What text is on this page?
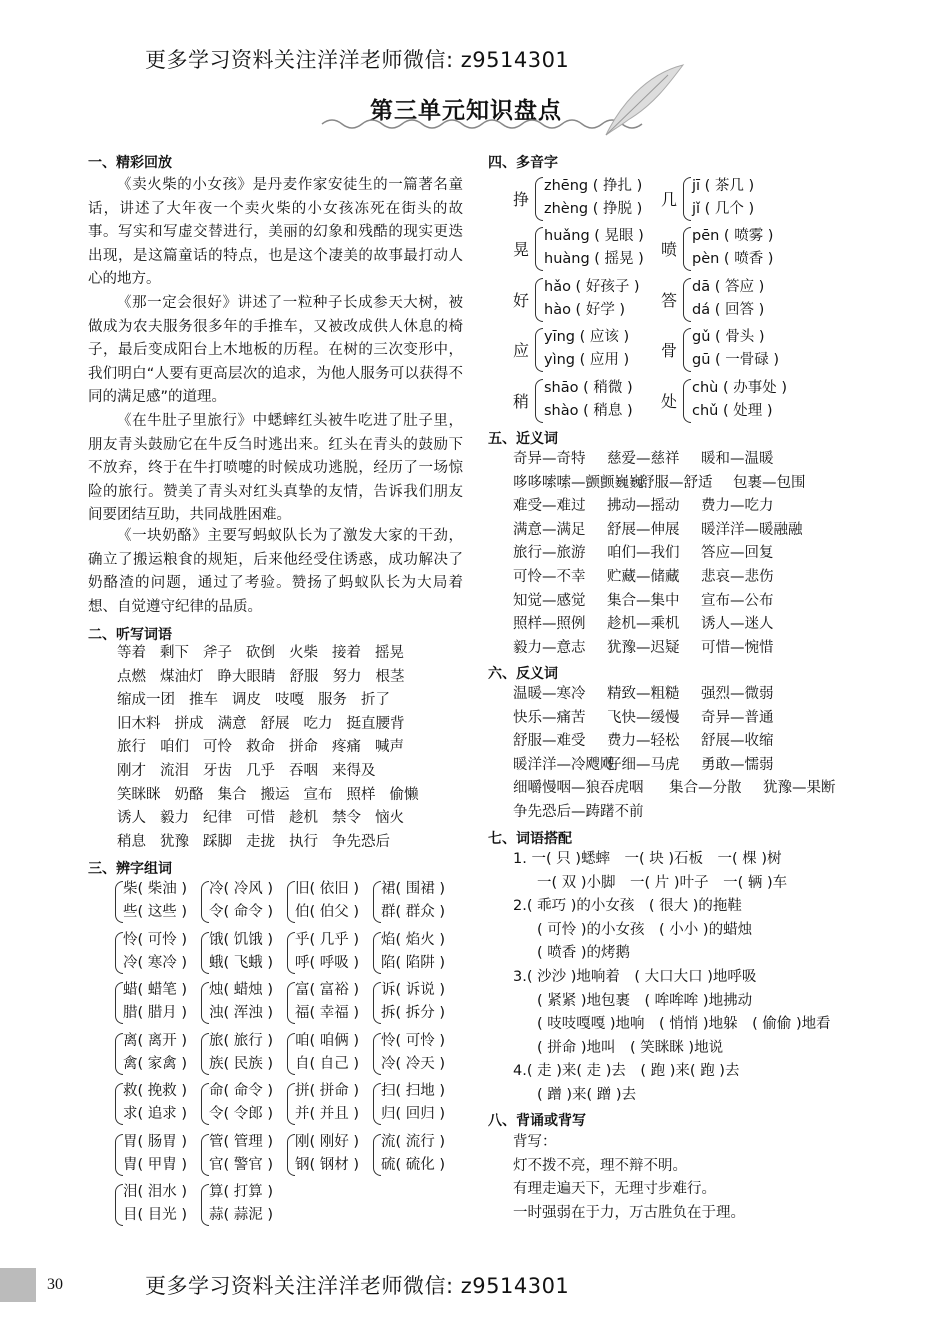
更多学习资料关注洋洋老师微信: z9514301
第三单元知识盘点
一、精彩回放
《卖火柴的小女孩》是丹麦作家安徒生的一篇著名童话，讲述了大年夜一个卖火柴的小女孩冻死在街头的故事。写实和写虚交替进行，美丽的幻象和残酷的现实更迭出现，是这篇童话的特点，也是这个凄美的故事最打动人心的地方。
《那一定会很好》讲述了一粒种子长成参天大树，被做成为农夫服务很多年的手推车，又被改成供人休息的椅子，最后变成阳台上木地板的历程。在树的三次变形中，我们明白“人要有更高层次的追求，为他人服务可以获得不同的满足感”的道理。
《在牛肚子里旅行》中蟋蟀红头被牛吃进了肚子里，朋友青头鼓励它在牛反刍时逃出来。红头在青头的鼓励下不放弃，终于在牛打喷嚏的时候成功逃脱，经历了一场惊险的旅行。赞美了青头对红头真挚的友情，告诉我们朋友间要团结互助，共同战胜困难。
《一块奶酪》主要写蚂蚁队长为了激发大家的干劲，确立了搬运粮食的规矩，后来他经受住诱惑，成功解决了奶酪渣的问题，通过了考验。赞扬了蚂蚁队长为大局着想、自觉遵守纪律的品质。
二、听写词语
等着 剩下 斧子 砍倒 火柴 接着 摇晃
点燃 煤油灯 睁大眼睛 舒服 努力 根茎
缩成一团 推车 调皮 吱嘎 服务 折了
旧木料 拼成 满意 舒展 吃力 挺直腰背
旅行 咱们 可怜 救命 拼命 疼痛 喊声
刚才 流泪 牙齿 几乎 吞咽 来得及
笑眯眯 奶酪 集合 搬运 宣布 照样 偷懒
诱人 毅力 纪律 可惜 趁机 禁令 恼火
稍息 犹豫 踩脚 走拢 执行 争先恐后
三、辨字组词
柴( 柴油 )
些( 这些 )
冷( 冷风 )
令( 命令 )
旧( 依旧 )
伯( 伯父 )
裙( 围裙 )
群( 群众 )
怜( 可怜 )
冷( 寒冷 )
饿( 饥饿 )
蛾( 飞蛾 )
乎( 几乎 )
呼( 呼吸 )
焰( 焰火 )
陷( 陷阱 )
蜡( 蜡笔 )
腊( 腊月 )
烛( 蜡烛 )
浊( 浑浊 )
富( 富裕 )
福( 幸福 )
诉( 诉说 )
拆( 拆分 )
离( 离开 )
禽( 家禽 )
旅( 旅行 )
族( 民族 )
咱( 咱俩 )
自( 自己 )
怜( 可怜 )
冷( 冷天 )
救( 挽救 )
求( 追求 )
命( 命令 )
令( 令郎 )
拼( 拼命 )
并( 并且 )
扫( 扫地 )
归( 回归 )
胃( 肠胃 )
胄( 甲胄 )
管( 管理 )
官( 警官 )
刚( 刚好 )
钢( 钢材 )
流( 流行 )
硫( 硫化 )
泪( 泪水 )
目( 目光 )
算( 打算 )
蒜( 蒜泥 )
四、多音字
挣
zhēng ( 挣扎 )
zhèng ( 挣脱 ) 几
jī ( 茶几 )
jǐ ( 几个 )
晃
huǎng ( 晃眼 )
huàng ( 摇晃 ) 喷
pēn ( 喷雾 )
pèn ( 喷香 )
好
hǎo ( 好孩子 )
hào ( 好学 ) 答
dā ( 答应 )
dá ( 回答 )
应
yīng ( 应该 )
yìng ( 应用 ) 骨
gǔ ( 骨头 )
gū ( 一骨碌 )
稍
shāo ( 稍微 )
shào ( 稍息 ) 处
chù ( 办事处 )
chǔ ( 处理 )
五、近义词
奇异—奇特 慈爱—慈祥 暖和—温暖
哆哆嗦嗦—颤颤巍巍
舒服—舒适 包裹—包围
难受—难过 拂动—摇动 费力—吃力
满意—满足 舒展—伸展 暖洋洋—暖融融
旅行—旅游 咱们—我们 答应—回复
可怜—不幸 贮藏—储藏 悲哀—悲伤
知觉—感觉 集合—集中 宣布—公布
照样—照例 趁机—乘机 诱人—迷人
毅力—意志 犹豫—迟疑 可惜—惋惜
六、反义词
温暖—寒冷 精致—粗糙 强烈—微弱
快乐—痛苦 飞快—缓慢 奇异—普通
舒服—难受 费力—轻松 舒展—收缩
暖洋洋—冷飕飕
仔细—马虎 勇敢—懦弱
细嚼慢咽—狼吞虎咽 集合—分散 犹豫—果断
争先恐后—踌躇不前
七、词语搭配
1. 一( 只 )蟋蟀　一( 块 )石板　一( 棵 )树
一( 双 )小脚　一( 片 )叶子　一( 辆 )车
2.( 乖巧 )的小女孩　( 很大 )的拖鞋
( 可怜 )的小女孩　( 小小 )的蜡烛
( 喷香 )的烤鹅
3.( 沙沙 )地响着　( 大口大口 )地呼吸
( 紧紧 )地包裹　( 哞哞哞 )地拂动
( 吱吱嘎嘎 )地响　( 悄悄 )地躲　( 偷偷 )地看
( 拼命 )地叫　( 笑眯眯 )地说
4.( 走 )来( 走 )去　( 跑 )来( 跑 )去
( 蹭 )来( 蹭 )去
八、背诵或背写
背写：
灯不拨不亮，理不辩不明。
有理走遍天下，无理寸步难行。
一时强弱在于力，万古胜负在于理。
30	更多学习资料关注洋洋老师微信: z9514301
